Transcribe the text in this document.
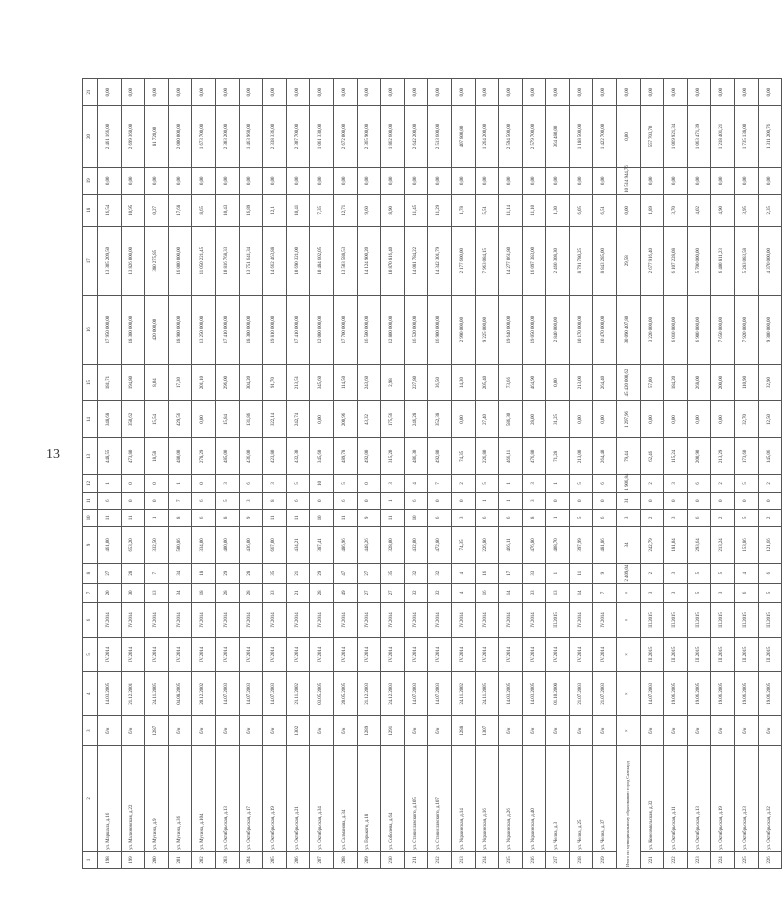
13
1	2	3	4	5	6	7	8	9	10	11	12	13	14	15	16	17	18	19	20	21
198	ул. Маршала, д.16	б/н	14.03.2005	IV.2014	IV.2014	20	27	461,00	11	6	1	448,55	348,68	181,71	17 950 000,00	13 305 209,50	16,54	0,00	2 461 166,00	0,00
199	ул. Малиновская, д.22	б/н	21.12.2001	IV.2014	IV.2014	30	28	653,20	11	0	0	473,80	350,62	194,80	18 300 000,00	13 826 000,00	10,95	0,00	2 699 360,00	0,00
200	ул. Мусина, д.9	1287	24.11.2005	IV.2014	IV.2014	13	7	332,50	1	0	0	18,58	15,54	8,04	420 000,00	380 275,85	0,27	0,00	81 720,00	0,00
201	ул. Мусина, д.36	б/н	04.08.2005	IV.2014	IV.2014	34	34	500,86	8	7	1	480,00	429,56	17,30	18 900 000,00	16 000 000,00	17,68	0,00	2 000 000,00	0,00
202	ул. Мусина, д.104	б/н	20.12.2002	IV.2014	IV.2014	18	18	334,00	6	6	0	278,29	0,00	201,10	13 250 000,00	11 050 221,45	8,65	0,00	1 673 700,00	0,00
203	ул. Октябрьская, д.13	б/н	14.07.2003	IV.2014	IV.2014	28	29	400,00	8	5	3	485,00	15,84	296,00	17 410 000,00	10 816 768,33	10,43	0,00	2 303 200,00	0,00
204	ул. Октябрьская, д.17	б/н	14.07.2003	IV.2014	IV.2014	28	28	436,00	9	3	6	436,00	131,86	304,20	18 300 000,00	13 751 641,34	16,89	0,00	1 463 960,00	0,00
205	ул. Октябрьская, д.19	б/н	14.07.2003	IV.2014	IV.2014	33	35	667,00	11	8	3	423,80	322,14	91,70	19 810 000,00	14 662 463,88	12,1	0,00	2 338 336,00	0,00
206	ул. Октябрьская, д.21	1302	21.11.2002	IV.2014	IV.2014	21	21	434,21	11	6	5	432,30	242,74	213,51	17 410 000,00	10 690 321,00	10,41	0,00	2 307 700,00	0,00
207	ул. Октябрьская, д.34	б/н	03.05.2005	IV.2014	IV.2014	28	29	387,41	10	0	10	345,60	0,00	345,60	12 000 000,00	10 484 602,05	7,35	0,00	1 061 330,00	0,00
208	ул. Салманова, д.34	б/н	20.05.2005	IV.2014	IV.2014	49	47	486,96	11	6	5	489,78	200,96	114,50	17 700 000,00	13 503 588,53	12,71	0,00	2 672 000,00	0,00
209	ул. Горького, д.18	1289	21.12.2003	IV.2014	IV.2014	27	27	448,26	9	0	0	492,00	43,32	243,60	16 500 000,00	14 124 900,20	9,60	0,00	2 365 900,00	0,00
210	ул. Соболева, д.64	1291	24.12.2003	IV.2014	IV.2014	27	35	328,00	11	1	3	315,20	175,56	2,98	12 800 000,00	10 870 816,40	8,90	0,00	1 862 600,00	0,00
211	ул. Станиславского, д.105	б/н	14.07.2003	IV.2014	IV.2014	32	32	432,00	10	6	4	486,30	246,28	227,80	16 520 000,00	14 081 784,22	11,45	0,00	2 642 200,00	0,00
212	ул. Станиславского, д.107	б/н	14.07.2003	IV.2014	IV.2014	32	32	472,80	6	0	7	492,80	352,38	36,50	16 900 000,00	14 342 301,79	11,29	0,00	2 513 600,00	0,00
213	ул. Украинская, д.14	1288	24.11.2002	IV.2014	IV.2014	4	4	74,35	3	0	2	74,35	0,00	14,30	2 990 000,00	2 177 600,00	1,78	0,00	407 800,00	0,00
214	ул. Украинская, д.16	1307	24.11.2005	IV.2014	IV.2014	16	16	226,80	6	1	5	226,80	27,40	205,40	9 225 000,00	7 963 084,15	5,51	0,00	1 264 200,00	0,00
215	ул. Украинская, д.26	б/н	14.03.2005	IV.2014	IV.2014	14	17	466,11	6	1	1	466,11	586,30	73,66	19 640 000,00	14 277 061,80	11,14	0,00	2 594 500,00	0,00
216	ул. Украинская, д.40	б/н	14.03.2005	IV.2014	IV.2014	33	33	476,80	8	3	3	476,80	28,00	464,90	19 050 000,00	16 097 383,00	11,10	0,00	2 579 700,00	0,00
217	ул. Челна, д.3	б/н	01.10.2000	IV.2014	III.2015	13	1	408,70	1	0	1	71,28	31,25	0,00	2 840 000,00	2 460 308,30	1,30	0,00	364 480,00	0,00
218	ул. Челна, д.25	б/н	21.07.2003	IV.2014	IV.2014	14	11	397,99	5	0	5	213,00	0,00	213,00	10 170 000,00	8 791 780,25	6,05	0,00	1 188 500,00	0,00
219	ул. Челна, д.37	б/н	21.07.2003	IV.2014	IV.2014	7	9	481,86	6	0	6	264,40	0,00	264,40	10 470 000,00	8 843 285,00	6,51	0,00	1 422 700,00	0,00
Итого по муниципальному образованию город Салехард		×	×	×	×	×	2 409,04	34	3	31	1 906,84	79,44	1 297,96	45 420 000,62	30 090 407,80	29,58	0,00	10 514 944,76	0,00	0,00
221	ул. Комсомольская, д.32	б/н	14.07.2003	III.2015	III.2015	3	2	242,79	2	0	2	62,46	0,00	57,00	3 220 000,00	2 677 916,40	1,89	0,00	557 703,70	0,00
222	ул. Октябрьская, д.11	б/н	19.06.2005	III.2015	III.2015	3	3	181,04	3	0	3	115,24	0,00	184,20	6 010 000,00	6 107 228,08	3,70	0,00	1 069 921,34	0,00
223	ул. Октябрьская, д.13	б/н	19.06.2005	III.2015	III.2015	5	5	293,64	6	0	6	200,90	0,00	268,00	6 900 000,00	5 700 000,00	4,02	0,00	1 063 471,39	0,00
224	ул. Октябрьская, д.19	б/н	19.06.2005	III.2015	III.2015	3	5	213,24	2	0	2	213,29	0,00	200,00	7 650 000,00	6 400 811,23	4,90	0,00	1 218 401,21	0,00
225	ул. Октябрьская, д.23	б/н	19.06.2005	III.2015	III.2015	6	4	153,86	5	0	5	173,60	32,70	110,90	7 920 000,00	5 283 083,58	3,95	0,00	1 735 138,00	0,00
226	ул. Октябрьская, д.32	б/н	19.06.2005	III.2015	III.2015	5	6	121,66	2	0	2	145,06	12,50	32,90	9 300 000,00	4 370 000,00	2,35	0,00	1 311 200,76	0,00
